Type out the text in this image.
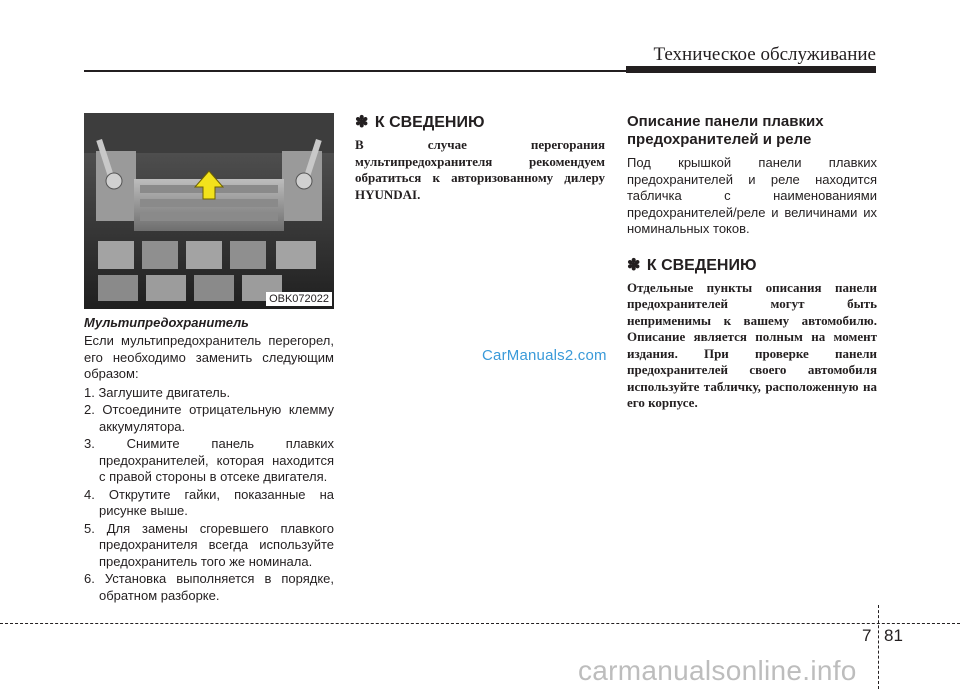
Техническое обслуживание
OBK072022
Мультипредохранитель

Если мультипредохранитель перегорел, его необходимо заменить следующим образом:

1. Заглушите двигатель.
2. Отсоедините отрицательную клемму аккумулятора.
3. Снимите панель плавких предохранителей, которая находится с правой стороны в отсеке двигателя.
4. Открутите гайки, показанные на рисунке выше.
5. Для замены сгоревшего плавкого предохранителя всегда используйте предохранитель того же номинала.
6. Установка выполняется в порядке, обратном разборке.
✽ К СВЕДЕНИЮ

В случае перегорания мультипредохранителя рекомендуем обратиться к авторизованному дилеру HYUNDAI.

Описание панели плавких предохранителей и реле

Под крышкой панели плавких предохранителей и реле находится табличка с наименованиями предохранителей/реле и величинами их номинальных токов.

✽ К СВЕДЕНИЮ

Отдельные пункты описания панели предохранителей могут быть неприменимы к вашему автомобилю. Описание является полным на момент издания. При проверке панели предохранителей своего автомобиля используйте табличку, расположенную на его корпусе.

CarManuals2.com
7 81
carmanualsonline.info
